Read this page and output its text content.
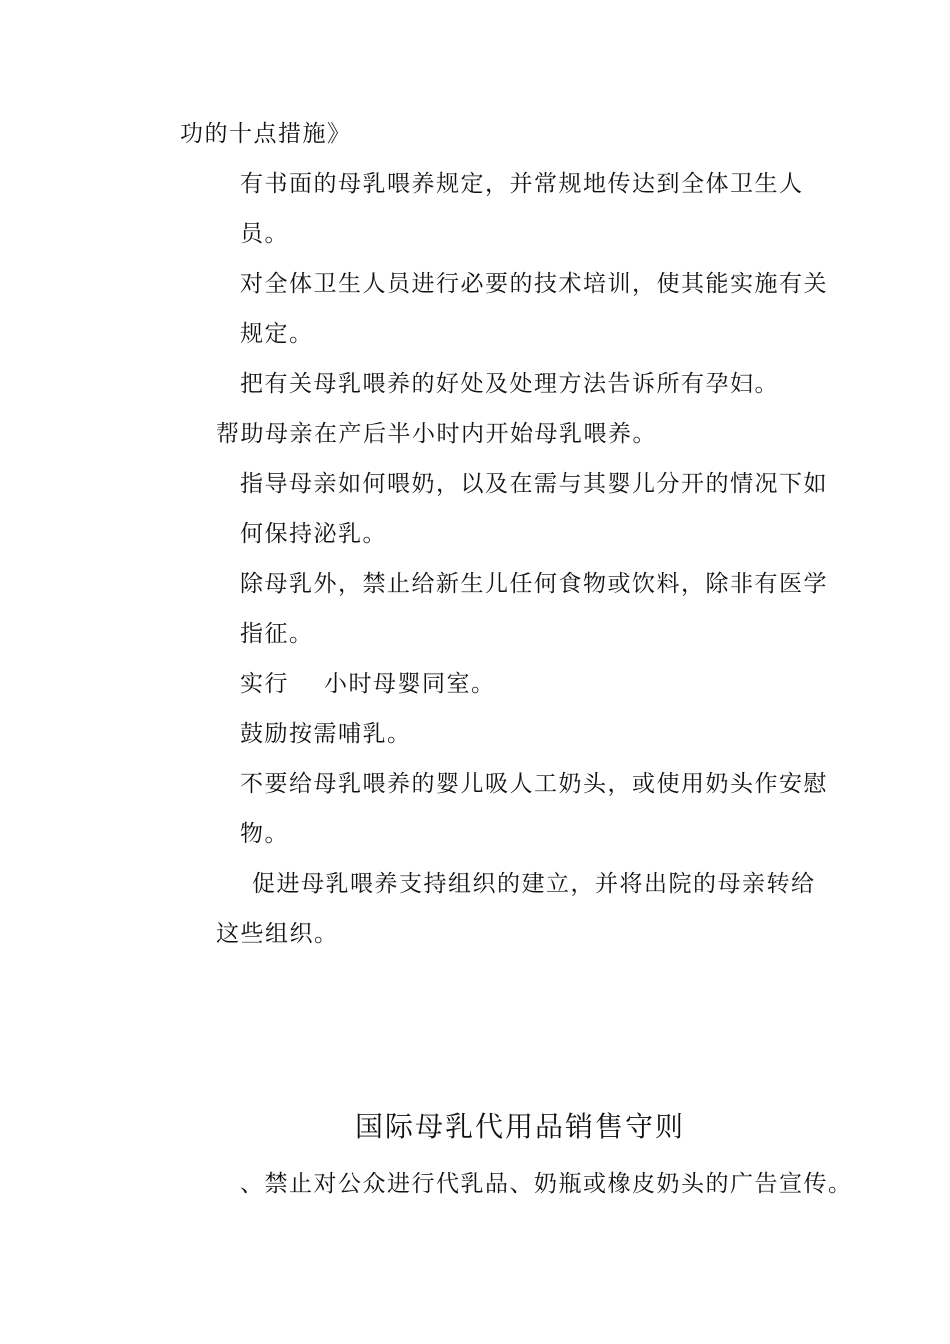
功的十点措施》
有书面的母乳喂养规定，并常规地传达到全体卫生人
员。
对全体卫生人员进行必要的技术培训，使其能实施有关
规定。
把有关母乳喂养的好处及处理方法告诉所有孕妇。
帮助母亲在产后半小时内开始母乳喂养。
指导母亲如何喂奶，以及在需与其婴儿分开的情况下如
何保持泌乳。
除母乳外，禁止给新生儿任何食物或饮料，除非有医学
指征。
实行 小时母婴同室。
鼓励按需哺乳。
不要给母乳喂养的婴儿吸人工奶头，或使用奶头作安慰
物。
促进母乳喂养支持组织的建立，并将出院的母亲转给
这些组织。
国际母乳代用品销售守则
、禁止对公众进行代乳品、奶瓶或橡皮奶头的广告宣传。
